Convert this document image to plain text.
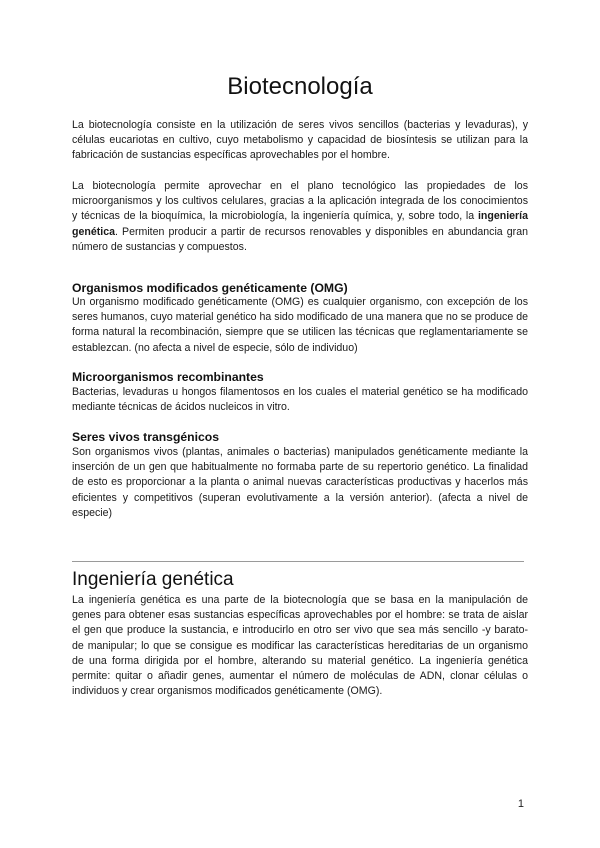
Biotecnología

La biotecnología consiste en la utilización de seres vivos sencillos (bacterias y levaduras), y células eucariotas en cultivo, cuyo metabolismo y capacidad de biosíntesis se utilizan para la fabricación de sustancias específicas aprovechables por el hombre.

La biotecnología permite aprovechar en el plano tecnológico las propiedades de los microorganismos y los cultivos celulares, gracias a la aplicación integrada de los conocimientos y técnicas de la bioquímica, la microbiología, la ingeniería química, y, sobre todo, la ingeniería genética. Permiten producir a partir de recursos renovables y disponibles en abundancia gran número de sustancias y compuestos.

Organismos modificados genéticamente (OMG)

Un organismo modificado genéticamente (OMG) es cualquier organismo, con excepción de los seres humanos, cuyo material genético ha sido modificado de una manera que no se produce de forma natural la recombinación, siempre que se utilicen las técnicas que reglamentariamente se establezcan. (no afecta a nivel de especie, sólo de individuo)

Microorganismos recombinantes

Bacterias, levaduras u hongos filamentosos en los cuales el material genético se ha modificado mediante técnicas de ácidos nucleicos in vitro.

Seres vivos transgénicos

Son organismos vivos (plantas, animales o bacterias) manipulados genéticamente mediante la inserción de un gen que habitualmente no formaba parte de su repertorio genético. La finalidad de esto es proporcionar a la planta o animal nuevas características productivas y hacerlos más eficientes y competitivos (superan evolutivamente a la versión anterior). (afecta a nivel de especie)

Ingeniería genética

La ingeniería genética es una parte de la biotecnología que se basa en la manipulación de genes para obtener esas sustancias específicas aprovechables por el hombre: se trata de aislar el gen que produce la sustancia, e introducirlo en otro ser vivo que sea más sencillo -y barato- de manipular; lo que se consigue es modificar las características hereditarias de un organismo de una forma dirigida por el hombre, alterando su material genético. La ingeniería genética permite: quitar o añadir genes, aumentar el número de moléculas de ADN, clonar células o individuos y crear organismos modificados genéticamente (OMG).

1
